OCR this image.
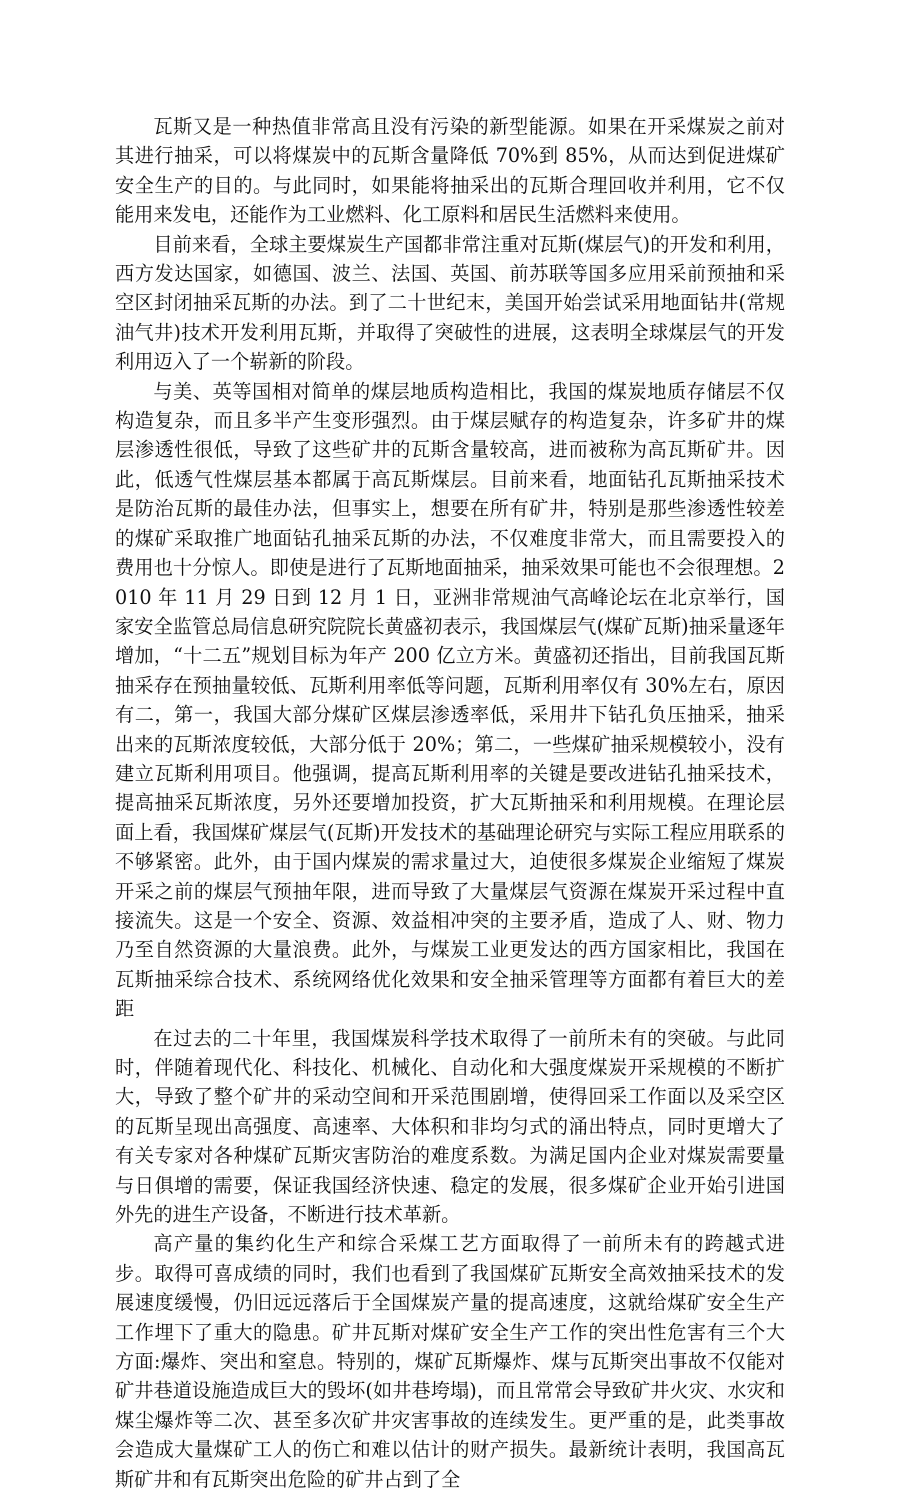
瓦斯又是一种热值非常高且没有污染的新型能源。如果在开采煤炭之前对其进行抽采，可以将煤炭中的瓦斯含量降低 70%到 85%，从而达到促进煤矿安全生产的目的。与此同时，如果能将抽采出的瓦斯合理回收并利用，它不仅能用来发电，还能作为工业燃料、化工原料和居民生活燃料来使用。

目前来看，全球主要煤炭生产国都非常注重对瓦斯(煤层气)的开发和利用，西方发达国家，如德国、波兰、法国、英国、前苏联等国多应用采前预抽和采空区封闭抽采瓦斯的办法。到了二十世纪末，美国开始尝试采用地面钻井(常规油气井)技术开发利用瓦斯，并取得了突破性的进展，这表明全球煤层气的开发利用迈入了一个崭新的阶段。

与美、英等国相对简单的煤层地质构造相比，我国的煤炭地质存储层不仅构造复杂，而且多半产生变形强烈。由于煤层赋存的构造复杂，许多矿井的煤层渗透性很低，导致了这些矿井的瓦斯含量较高，进而被称为高瓦斯矿井。因此，低透气性煤层基本都属于高瓦斯煤层。目前来看，地面钻孔瓦斯抽采技术是防治瓦斯的最佳办法，但事实上，想要在所有矿井，特别是那些渗透性较差的煤矿采取推广地面钻孔抽采瓦斯的办法，不仅难度非常大，而且需要投入的费用也十分惊人。即使是进行了瓦斯地面抽采，抽采效果可能也不会很理想。2010 年 11 月 29 日到 12 月 1 日，亚洲非常规油气高峰论坛在北京举行，国家安全监管总局信息研究院院长黄盛初表示，我国煤层气(煤矿瓦斯)抽采量逐年增加，“十二五”规划目标为年产 200 亿立方米。黄盛初还指出，目前我国瓦斯抽采存在预抽量较低、瓦斯利用率低等问题，瓦斯利用率仅有 30%左右，原因有二，第一，我国大部分煤矿区煤层渗透率低，采用井下钻孔负压抽采，抽采出来的瓦斯浓度较低，大部分低于 20%；第二，一些煤矿抽采规模较小，没有建立瓦斯利用项目。他强调，提高瓦斯利用率的关键是要改进钻孔抽采技术，提高抽采瓦斯浓度，另外还要增加投资，扩大瓦斯抽采和利用规模。在理论层面上看，我国煤矿煤层气(瓦斯)开发技术的基础理论研究与实际工程应用联系的不够紧密。此外，由于国内煤炭的需求量过大，迫使很多煤炭企业缩短了煤炭开采之前的煤层气预抽年限，进而导致了大量煤层气资源在煤炭开采过程中直接流失。这是一个安全、资源、效益相冲突的主要矛盾，造成了人、财、物力乃至自然资源的大量浪费。此外，与煤炭工业更发达的西方国家相比，我国在瓦斯抽采综合技术、系统网络优化效果和安全抽采管理等方面都有着巨大的差距

在过去的二十年里，我国煤炭科学技术取得了一前所未有的突破。与此同时，伴随着现代化、科技化、机械化、自动化和大强度煤炭开采规模的不断扩大，导致了整个矿井的采动空间和开采范围剧增，使得回采工作面以及采空区的瓦斯呈现出高强度、高速率、大体积和非均匀式的涌出特点，同时更增大了有关专家对各种煤矿瓦斯灾害防治的难度系数。为满足国内企业对煤炭需要量与日俱增的需要，保证我国经济快速、稳定的发展，很多煤矿企业开始引进国外先的进生产设备，不断进行技术革新。

高产量的集约化生产和综合采煤工艺方面取得了一前所未有的跨越式进步。取得可喜成绩的同时，我们也看到了我国煤矿瓦斯安全高效抽采技术的发展速度缓慢，仍旧远远落后于全国煤炭产量的提高速度，这就给煤矿安全生产工作埋下了重大的隐患。矿井瓦斯对煤矿安全生产工作的突出性危害有三个大方面:爆炸、突出和窒息。特别的，煤矿瓦斯爆炸、煤与瓦斯突出事故不仅能对矿井巷道设施造成巨大的毁坏(如井巷垮塌)，而且常常会导致矿井火灾、水灾和煤尘爆炸等二次、甚至多次矿井灾害事故的连续发生。更严重的是，此类事故会造成大量煤矿工人的伤亡和难以估计的财产损失。最新统计表明，我国高瓦斯矿井和有瓦斯突出危险的矿井占到了全
